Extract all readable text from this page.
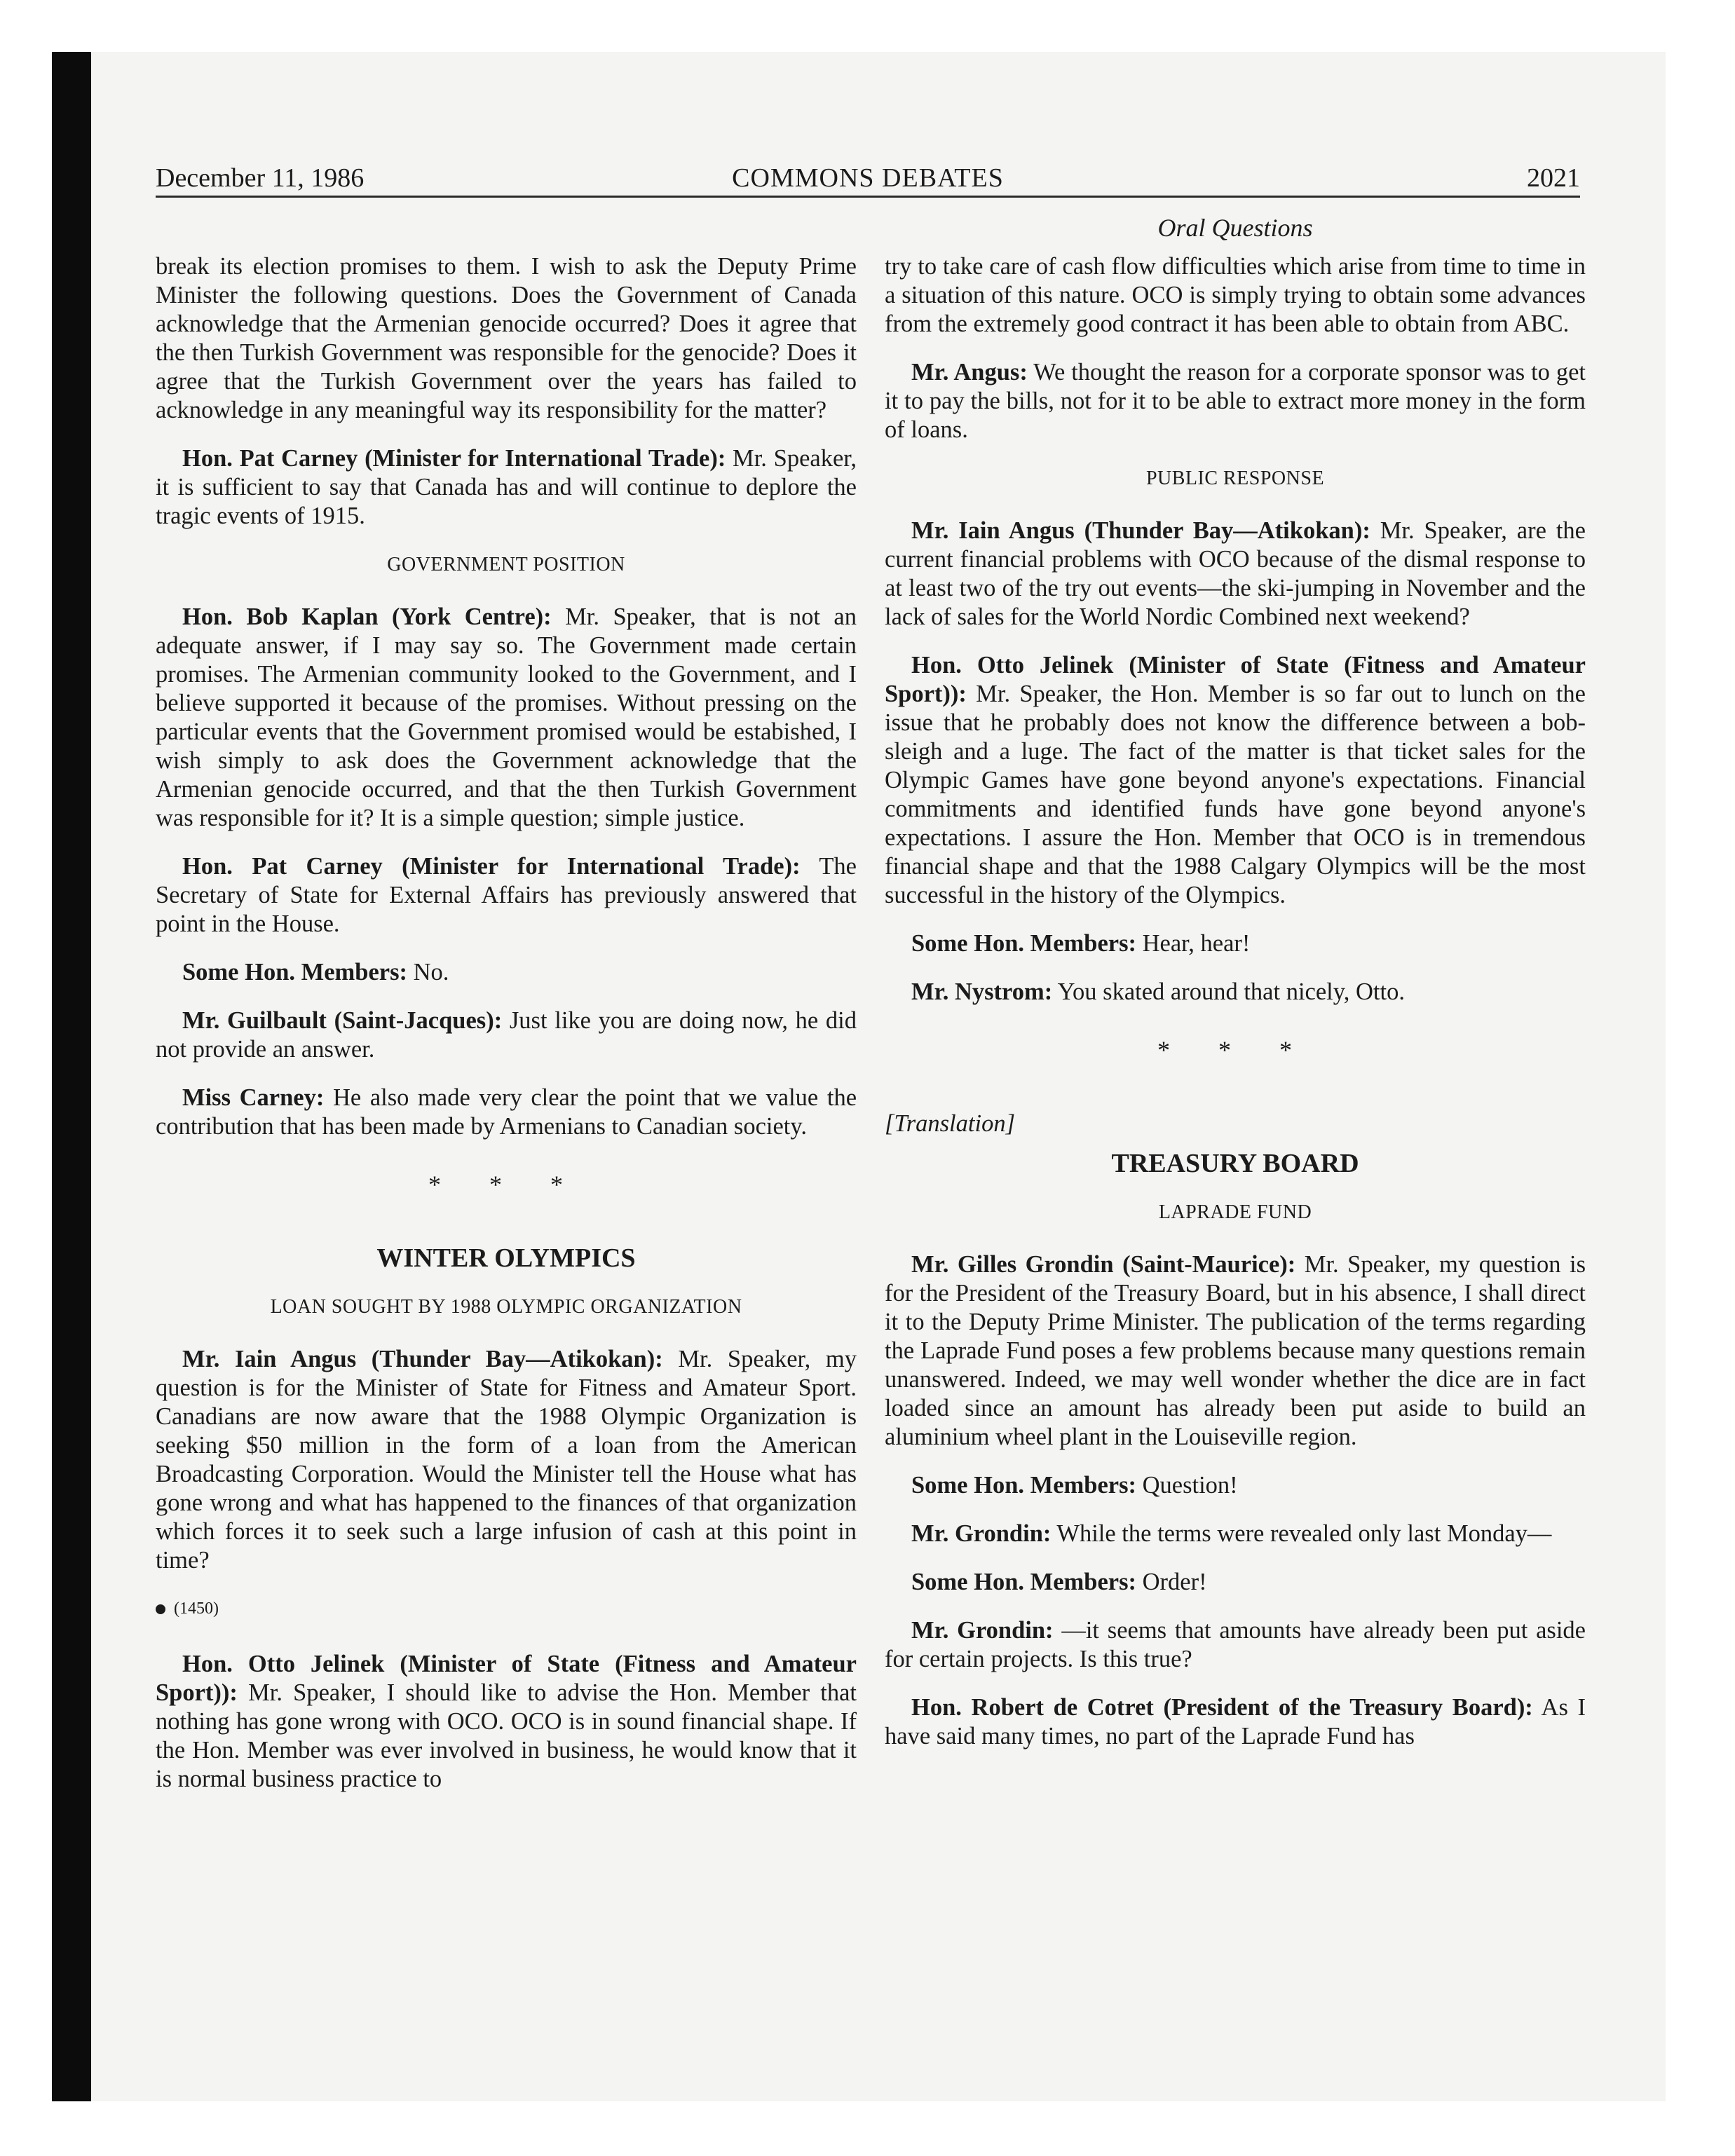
December 11, 1986	COMMONS DEBATES	2021
Oral Questions

break its election promises to them. I wish to ask the Deputy Prime Minister the following questions. Does the Government of Canada acknowledge that the Armenian genocide occurred? Does it agree that the then Turkish Government was responsible for the genocide? Does it agree that the Turkish Government over the years has failed to acknowledge in any meaningful way its responsibility for the matter?

Hon. Pat Carney (Minister for International Trade): Mr. Speaker, it is sufficient to say that Canada has and will continue to deplore the tragic events of 1915.

GOVERNMENT POSITION

Hon. Bob Kaplan (York Centre): Mr. Speaker, that is not an adequate answer, if I may say so. The Government made certain promises. The Armenian community looked to the Government, and I believe supported it because of the promises. Without pressing on the particular events that the Government promised would be estabished, I wish simply to ask does the Government acknowledge that the Armenian genocide occurred, and that the then Turkish Government was responsible for it? It is a simple question; simple justice.

Hon. Pat Carney (Minister for International Trade): The Secretary of State for External Affairs has previously answered that point in the House.

Some Hon. Members: No.

Mr. Guilbault (Saint-Jacques): Just like you are doing now, he did not provide an answer.

Miss Carney: He also made very clear the point that we value the contribution that has been made by Armenians to Canadian society.

* * *
WINTER OLYMPICS
LOAN SOUGHT BY 1988 OLYMPIC ORGANIZATION

Mr. Iain Angus (Thunder Bay—Atikokan): Mr. Speaker, my question is for the Minister of State for Fitness and Amateur Sport. Canadians are now aware that the 1988 Olympic Organization is seeking $50 million in the form of a loan from the American Broadcasting Corporation. Would the Minister tell the House what has gone wrong and what has happened to the finances of that organization which forces it to seek such a large infusion of cash at this point in time?

(1450)

Hon. Otto Jelinek (Minister of State (Fitness and Amateur Sport)): Mr. Speaker, I should like to advise the Hon. Member that nothing has gone wrong with OCO. OCO is in sound financial shape. If the Hon. Member was ever involved in business, he would know that it is normal business practice to

try to take care of cash flow difficulties which arise from time to time in a situation of this nature. OCO is simply trying to obtain some advances from the extremely good contract it has been able to obtain from ABC.

Mr. Angus: We thought the reason for a corporate sponsor was to get it to pay the bills, not for it to be able to extract more money in the form of loans.

PUBLIC RESPONSE

Mr. Iain Angus (Thunder Bay—Atikokan): Mr. Speaker, are the current financial problems with OCO because of the dismal response to at least two of the try out events—the ski-jumping in November and the lack of sales for the World Nordic Combined next weekend?

Hon. Otto Jelinek (Minister of State (Fitness and Amateur Sport)): Mr. Speaker, the Hon. Member is so far out to lunch on the issue that he probably does not know the difference between a bob-sleigh and a luge. The fact of the matter is that ticket sales for the Olympic Games have gone beyond anyone's expectations. Financial commitments and identified funds have gone beyond anyone's expectations. I assure the Hon. Member that OCO is in tremendous financial shape and that the 1988 Calgary Olympics will be the most successful in the history of the Olympics.

Some Hon. Members: Hear, hear!

Mr. Nystrom: You skated around that nicely, Otto.

* * *
[Translation]
TREASURY BOARD
LAPRADE FUND

Mr. Gilles Grondin (Saint-Maurice): Mr. Speaker, my question is for the President of the Treasury Board, but in his absence, I shall direct it to the Deputy Prime Minister. The publication of the terms regarding the Laprade Fund poses a few problems because many questions remain unanswered. Indeed, we may well wonder whether the dice are in fact loaded since an amount has already been put aside to build an aluminium wheel plant in the Louiseville region.

Some Hon. Members: Question!

Mr. Grondin: While the terms were revealed only last Monday—

Some Hon. Members: Order!

Mr. Grondin: —it seems that amounts have already been put aside for certain projects. Is this true?

Hon. Robert de Cotret (President of the Treasury Board): As I have said many times, no part of the Laprade Fund has
